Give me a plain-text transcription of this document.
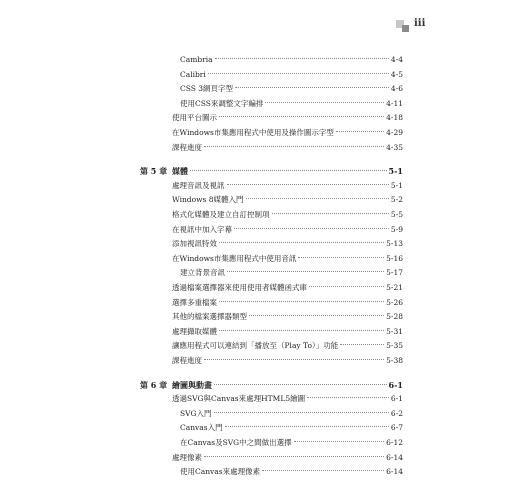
iii
Cambria	4-4
Calibri	4-5
CSS 3網頁字型	4-6
使用CSS來調整文字編排	4-11
使用平台圖示	4-18
在Windows市集應用程式中使用及操作圖示字型	4-29
課程進度	4-35
第 5 章 媒體	5-1
處理音訊及視訊	5-1
Windows 8媒體入門	5-2
格式化媒體及建立自訂控制項	5-5
在視訊中加入字幕	5-9
添加視訊特效	5-13
在Windows市集應用程式中使用音訊	5-16
建立背景音訊	5-17
透過檔案選擇器來使用使用者媒體函式庫	5-21
選擇多重檔案	5-26
其他的檔案選擇器類型	5-28
處理擷取媒體	5-31
讓應用程式可以連結到「播放至（Play To）」功能	5-35
課程進度	5-38
第 6 章 繪圖與動畫	6-1
透過SVG與Canvas來處理HTML5繪圖	6-1
SVG入門	6-2
Canvas入門	6-7
在Canvas及SVG中之間做出選擇	6-12
處理像素	6-14
使用Canvas來處理像素	6-14
